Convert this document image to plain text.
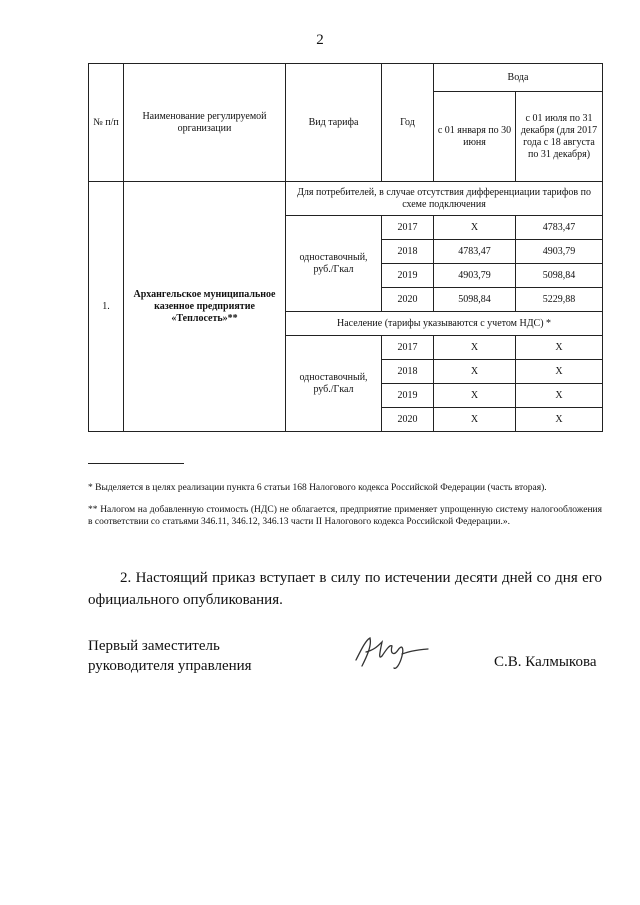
2
№ п/п	Наименование регулируемой организации	Вид тарифа	Год	Вода	
				с 01 января по 30 июня	с 01 июля по 31 декабря (для 2017 года с 18 августа по 31 декабря)
1.	Архангельское муниципальное казенное предприятие «Теплосеть»**	Для потребителей, в случае отсутствия дифференциации тарифов по схеме подключения			
		одноставочный, руб./Гкал	2017	X	4783,47
			2018	4783,47	4903,79
			2019	4903,79	5098,84
			2020	5098,84	5229,88
		Население (тарифы указываются с учетом НДС) *			
		одноставочный, руб./Гкал	2017	X	X
			2018	X	X
			2019	X	X
			2020	X	X
* Выделяется в целях реализации пункта 6 статьи 168 Налогового кодекса Российской Федерации (часть вторая).
** Налогом на добавленную стоимость (НДС) не облагается, предприятие применяет упрощенную систему налогообложения в соответствии со статьями 346.11, 346.12, 346.13 части II Налогового кодекса Российской Федерации.».
2. Настоящий приказ вступает в силу по истечении десяти дней со дня его официального опубликования.
Первый заместитель
руководителя управления	С.В. Калмыкова
